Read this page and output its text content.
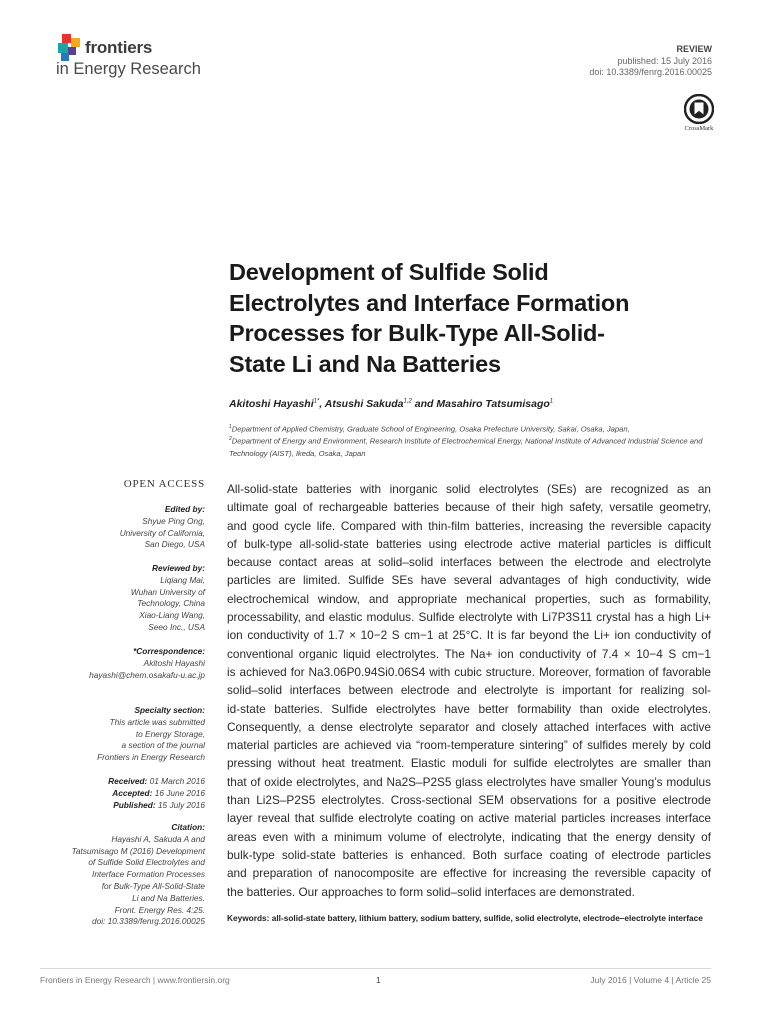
frontiers
in Energy Research
REVIEW
published: 15 July 2016
doi: 10.3389/fenrg.2016.00025
CrossMark
Development of Sulfide Solid
Electrolytes and Interface Formation
Processes for Bulk-Type All-Solid-
State Li and Na Batteries
Akitoshi Hayashi$^{1*}$, Atsushi Sakuda$^{1,2}$ and Masahiro Tatsumisago$^1$
$^1$Department of Applied Chemistry, Graduate School of Engineering, Osaka Prefecture University, Sakai, Osaka, Japan,
$^2$Department of Energy and Environment, Research Institute of Electrochemical Energy, National Institute of Advanced Industrial Science and Technology (AIST), Ikeda, Osaka, Japan
OPEN ACCESS
Edited by:
Shyue Ping Ong,
University of California,
San Diego, USA
Reviewed by:
Liqiang Mai,
Wuhan University of
Technology, China
Xiao-Liang Wang,
Seeo Inc., USA
*Correspondence:
Akitoshi Hayashi
hayashi@chem.osakafu-u.ac.jp
Specialty section:
This article was submitted
to Energy Storage,
a section of the journal
Frontiers in Energy Research
Received: 01 March 2016
Accepted: 16 June 2016
Published: 15 July 2016
Citation:
Hayashi A, Sakuda A and
Tatsumisago M (2016) Development
of Sulfide Solid Electrolytes and
Interface Formation Processes
for Bulk-Type All-Solid-State
Li and Na Batteries.
Front. Energy Res. 4:25.
doi: 10.3389/fenrg.2016.00025
All-solid-state batteries with inorganic solid electrolytes (SEs) are recognized as an
ultimate goal of rechargeable batteries because of their high safety, versatile geometry,
and good cycle life. Compared with thin-film batteries, increasing the reversible capacity
of bulk-type all-solid-state batteries using electrode active material particles is difficult
because contact areas at solid–solid interfaces between the electrode and electrolyte
particles are limited. Sulfide SEs have several advantages of high conductivity, wide
electrochemical window, and appropriate mechanical properties, such as formability,
processability, and elastic modulus. Sulfide electrolyte with Li7P3S11 crystal has a high Li+
ion conductivity of 1.7 × 10−2 S cm−1 at 25°C. It is far beyond the Li+ ion conductivity of
conventional organic liquid electrolytes. The Na+ ion conductivity of 7.4 × 10−4 S cm−1
is achieved for Na3.06P0.94Si0.06S4 with cubic structure. Moreover, formation of favorable
solid–solid interfaces between electrode and electrolyte is important for realizing sol-
id-state batteries. Sulfide electrolytes have better formability than oxide electrolytes.
Consequently, a dense electrolyte separator and closely attached interfaces with active
material particles are achieved via “room-temperature sintering” of sulfides merely by cold
pressing without heat treatment. Elastic moduli for sulfide electrolytes are smaller than
that of oxide electrolytes, and Na2S–P2S5 glass electrolytes have smaller Young’s modulus
than Li2S–P2S5 electrolytes. Cross-sectional SEM observations for a positive electrode
layer reveal that sulfide electrolyte coating on active material particles increases interface
areas even with a minimum volume of electrolyte, indicating that the energy density of
bulk-type solid-state batteries is enhanced. Both surface coating of electrode particles
and preparation of nanocomposite are effective for increasing the reversible capacity of
the batteries. Our approaches to form solid–solid interfaces are demonstrated.
Keywords: all-solid-state battery, lithium battery, sodium battery, sulfide, solid electrolyte, electrode–electrolyte interface
Frontiers in Energy Research | www.frontiersin.org	1	July 2016 | Volume 4 | Article 25
